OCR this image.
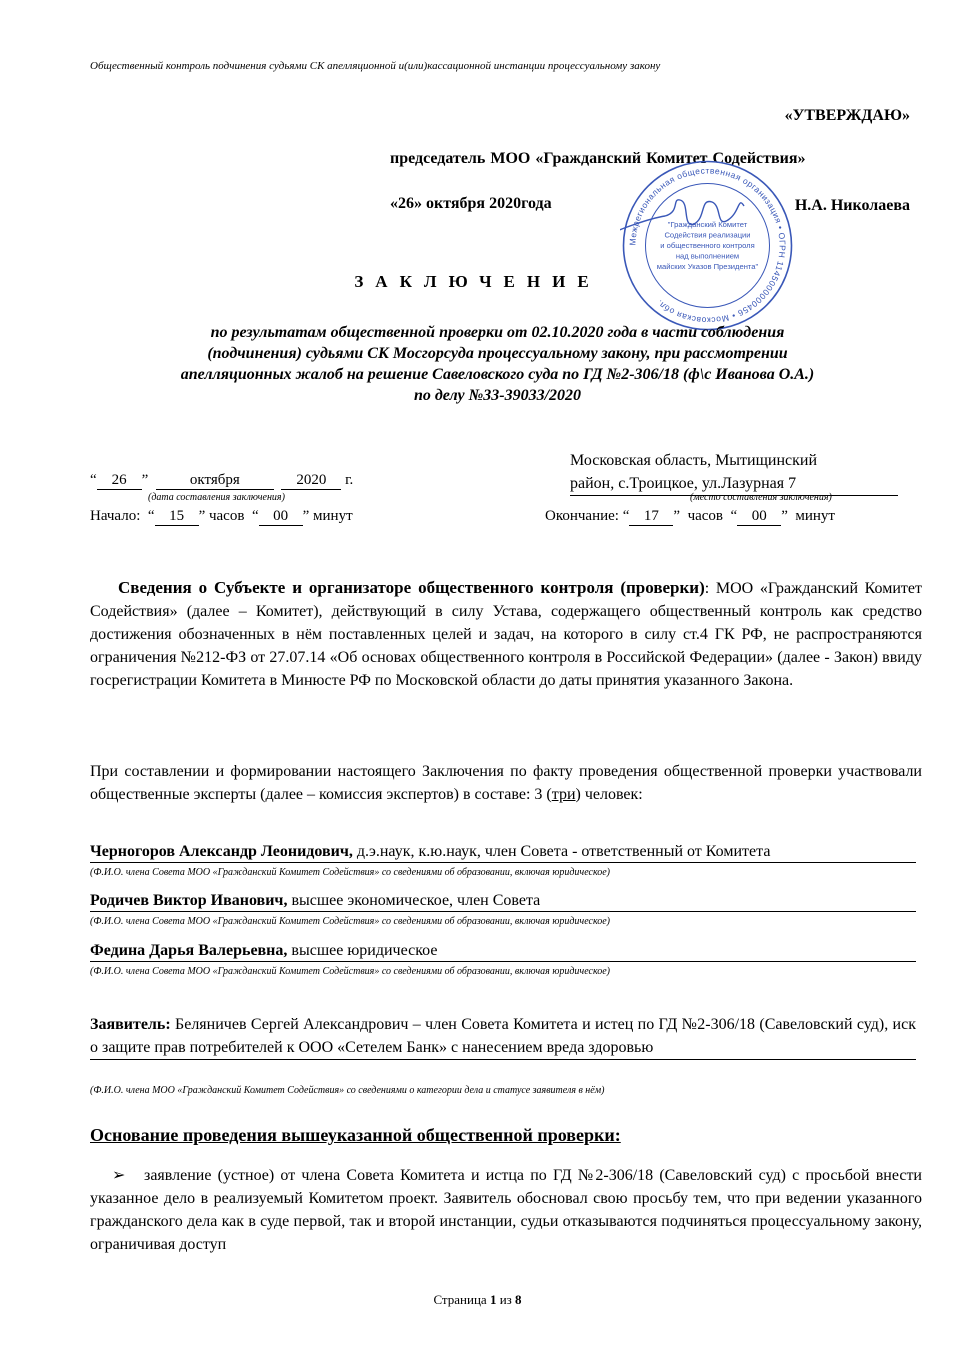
Общественный контроль подчинения судьями СК апелляционной и(или)кассационной инстанции процессуальному закону
«УТВЕРЖДАЮ»
председатель МОО «Гражданский Комитет Содействия»
«26» октября 2020года	Н.А. Николаева
Межрегиональная общественная организация • ОГРН 1145000000456 • Московская обл.
"Гражданский Комитет
Содействия реализации
и общественного контроля
над выполнением
майских Указов Президента"
ЗАКЛЮЧЕНИЕ
по результатам общественной проверки от 02.10.2020 года в части соблюдения
(подчинения) судьями СК Мосгорсуда процессуальному закону, при рассмотрении
апелляционных жалоб на решение Савеловского суда по ГД №2-306/18 (ф\с Иванова О.А.)
по делу №33-39033/2020
Московская область, Мытищинский
район, с.Троицкое, ул.Лазурная 7
(место составления заключения)
“ 26 ”  октября	2020 г.
(дата составления заключения)
Начало:  “ 15 ” часов  “ 00 ” минут	Окончание: “ 17 ”  часов  “ 00 ”  минут
Сведения о Субъекте и организаторе общественного контроля (проверки): МОО «Гражданский Комитет Содействия» (далее – Комитет), действующий в силу Устава, содержащего общественный контроль как средство достижения обозначенных в нём поставленных целей и задач, на которого в силу ст.4 ГК РФ, не распространяются ограничения №212-ФЗ от 27.07.14 «Об основах общественного контроля в Российской Федерации» (далее - Закон) ввиду госрегистрации Комитета в Минюсте РФ по Московской области до даты принятия указанного Закона.
При составлении и формировании настоящего Заключения по факту проведения общественной проверки участвовали общественные эксперты (далее – комиссия экспертов) в составе: 3 (три) человек:
Черногоров Александр Леонидович, д.э.наук, к.ю.наук, член Совета - ответственный от Комитета
(Ф.И.О. члена Совета МОО «Гражданский Комитет Содействия» со сведениями об образовании, включая юридическое)
Родичев Виктор Иванович, высшее экономическое, член Совета
(Ф.И.О. члена Совета МОО «Гражданский Комитет Содействия» со сведениями об образовании, включая юридическое)
Федина Дарья Валерьевна, высшее юридическое
(Ф.И.О. члена Совета МОО «Гражданский Комитет Содействия» со сведениями об образовании, включая юридическое)
Заявитель: Беляничев Сергей Александрович – член Совета Комитета и истец по ГД №2-306/18 (Савеловский суд), иск о защите прав потребителей к ООО «Сетелем Банк» с нанесением вреда здоровью
(Ф.И.О. члена МОО «Гражданский Комитет Содействия» со сведениями о категории дела и статусе заявителя в нём)
Основание проведения вышеуказанной общественной проверки:
➢ заявление (устное) от члена Совета Комитета и истца по ГД №2-306/18 (Савеловский суд) с просьбой внести указанное дело в реализуемый Комитетом проект. Заявитель обосновал свою просьбу тем, что при ведении указанного гражданского дела как в суде первой, так и второй инстанции, судьи отказываются подчиняться процессуальному закону, ограничивая доступ
Страница 1 из 8
